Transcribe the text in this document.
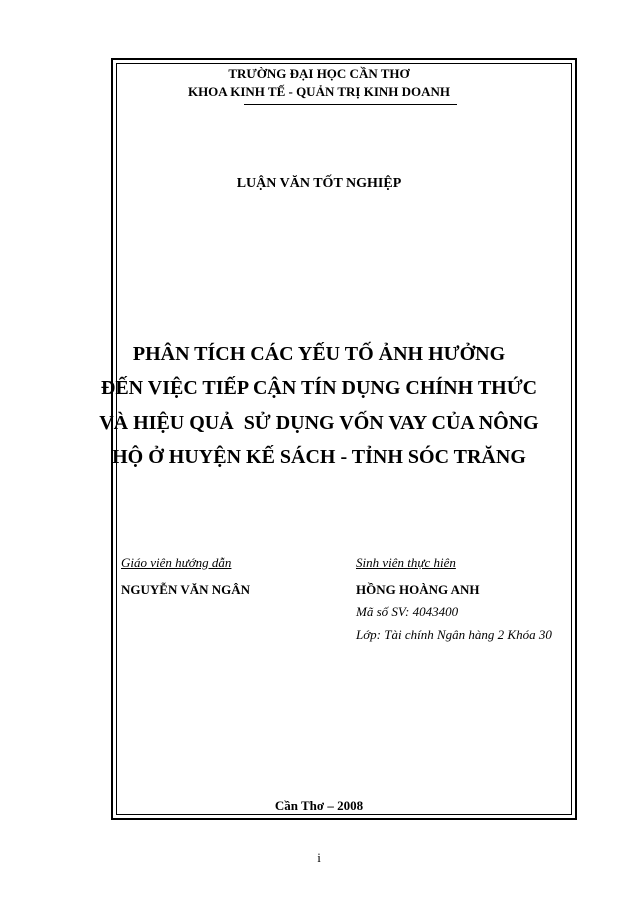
TRƯỜNG ĐẠI HỌC CẦN THƠ
KHOA KINH TẾ - QUẢN TRỊ KINH DOANH
LUẬN VĂN TỐT NGHIỆP
PHÂN TÍCH CÁC YẾU TỐ ẢNH HƯỞNG
ĐẾN VIỆC TIẾP CẬN TÍN DỤNG CHÍNH THỨC
VÀ HIỆU QUẢ  SỬ DỤNG VỐN VAY CỦA NÔNG
HỘ Ở HUYỆN KẾ SÁCH - TỈNH SÓC TRĂNG
Giáo viên hướng dẫn
NGUYỄN VĂN NGÂN
Sinh viên thực hiên
HỒNG HOÀNG ANH
Mã số SV: 4043400
Lớp: Tài chính Ngân hàng 2 Khóa 30
Cần Thơ – 2008
i
